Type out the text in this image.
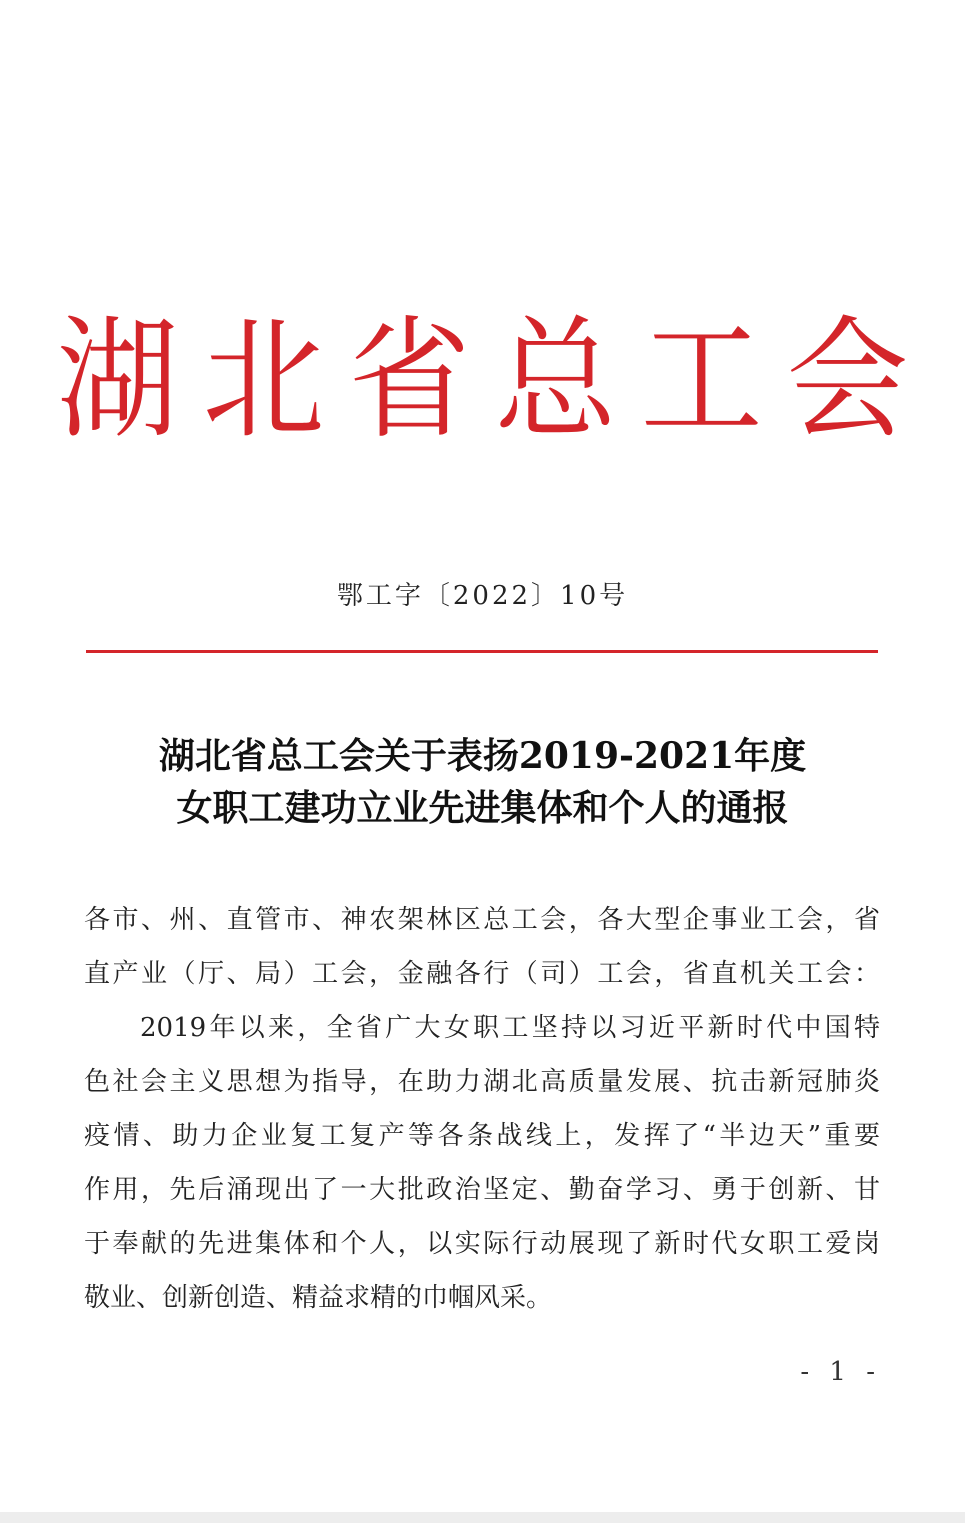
湖北省总工会
鄂工字〔2022〕10号
湖北省总工会关于表扬2019-2021年度
女职工建功立业先进集体和个人的通报
各市、州、直管市、神农架林区总工会，各大型企事业工会，省
直产业（厅、局）工会，金融各行（司）工会，省直机关工会：
2019年以来，全省广大女职工坚持以习近平新时代中国特
色社会主义思想为指导，在助力湖北高质量发展、抗击新冠肺炎
疫情、助力企业复工复产等各条战线上，发挥了“半边天”重要
作用，先后涌现出了一大批政治坚定、勤奋学习、勇于创新、甘
于奉献的先进集体和个人，以实际行动展现了新时代女职工爱岗
敬业、创新创造、精益求精的巾帼风采。
- 1 -
